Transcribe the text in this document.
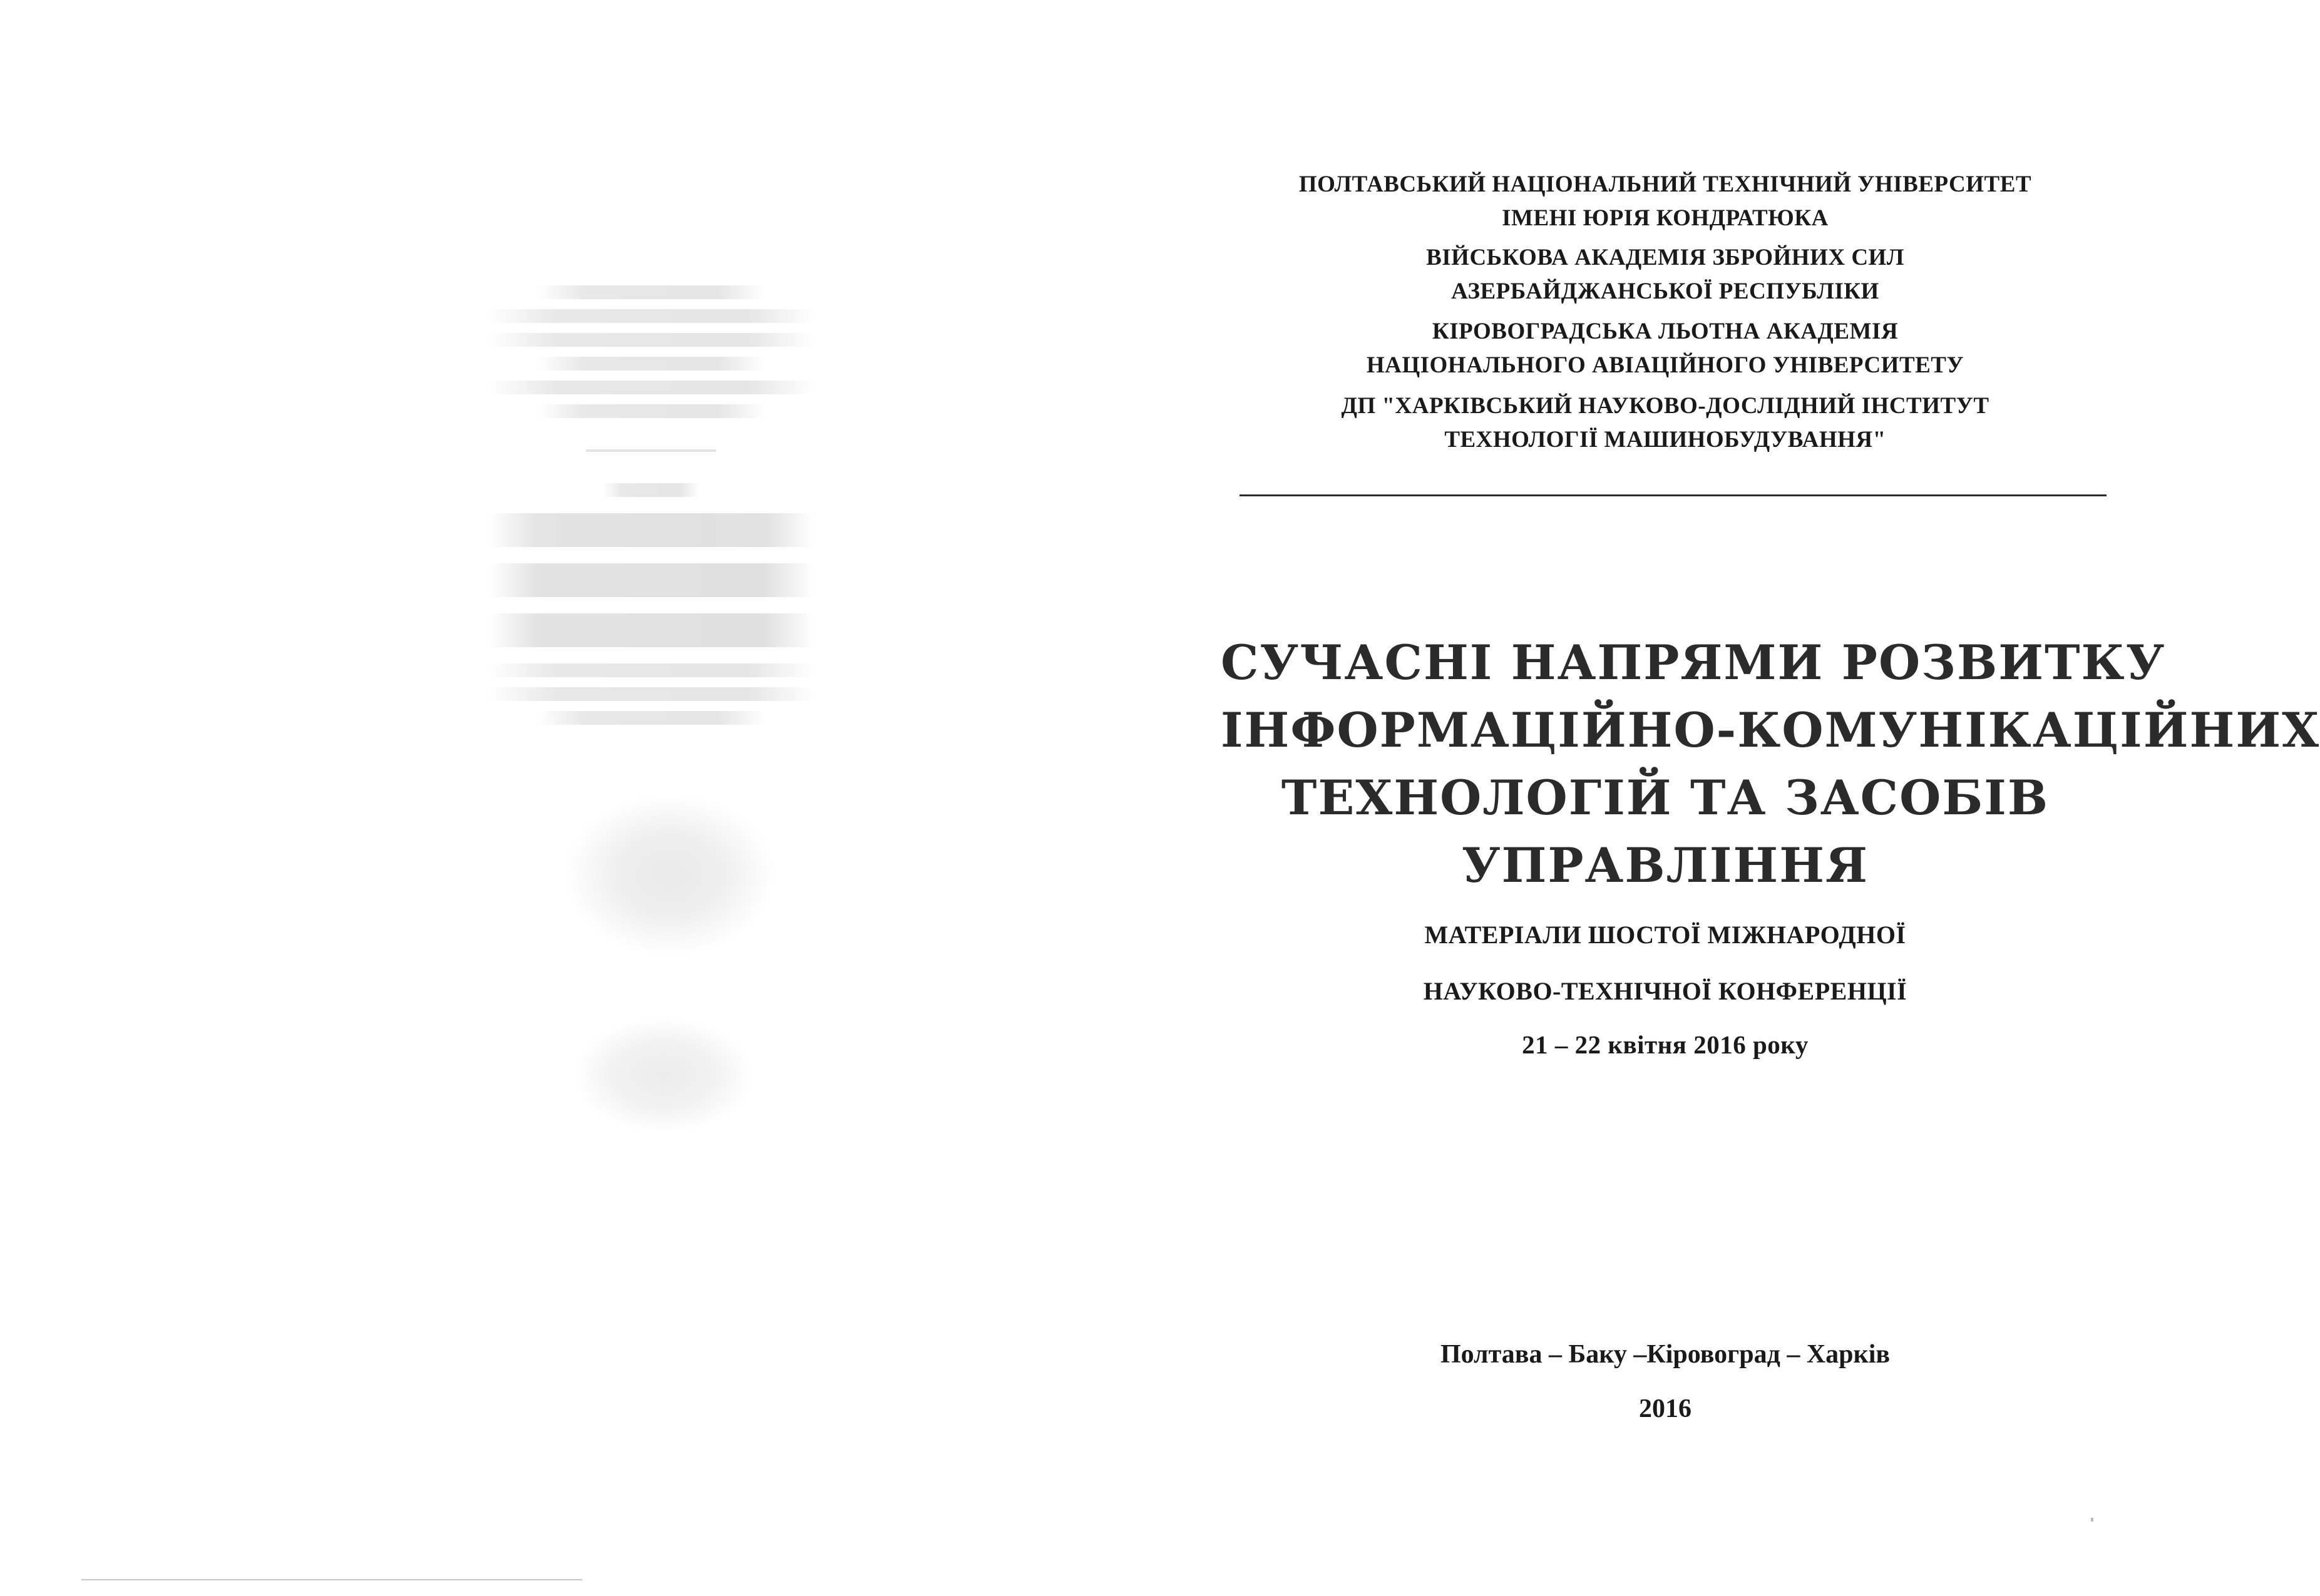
ПОЛТАВСЬКИЙ НАЦІОНАЛЬНИЙ ТЕХНІЧНИЙ УНІВЕРСИТЕТ
ІМЕНІ ЮРІЯ КОНДРАТЮКА
ВІЙСЬКОВА АКАДЕМІЯ ЗБРОЙНИХ СИЛ
АЗЕРБАЙДЖАНСЬКОЇ РЕСПУБЛІКИ
КІРОВОГРАДСЬКА ЛЬОТНА АКАДЕМІЯ
НАЦІОНАЛЬНОГО АВІАЦІЙНОГО УНІВЕРСИТЕТУ
ДП "ХАРКІВСЬКИЙ НАУКОВО-ДОСЛІДНИЙ ІНСТИТУТ
ТЕХНОЛОГІЇ МАШИНОБУДУВАННЯ"
СУЧАСНІ НАПРЯМИ РОЗВИТКУ
ІНФОРМАЦІЙНО-КОМУНІКАЦІЙНИХ
ТЕХНОЛОГІЙ ТА ЗАСОБІВ
УПРАВЛІННЯ
МАТЕРІАЛИ ШОСТОЇ МІЖНАРОДНОЇ
НАУКОВО-ТЕХНІЧНОЇ КОНФЕРЕНЦІЇ
21 – 22 квітня 2016 року
Полтава – Баку –Кіровоград – Харків
2016
